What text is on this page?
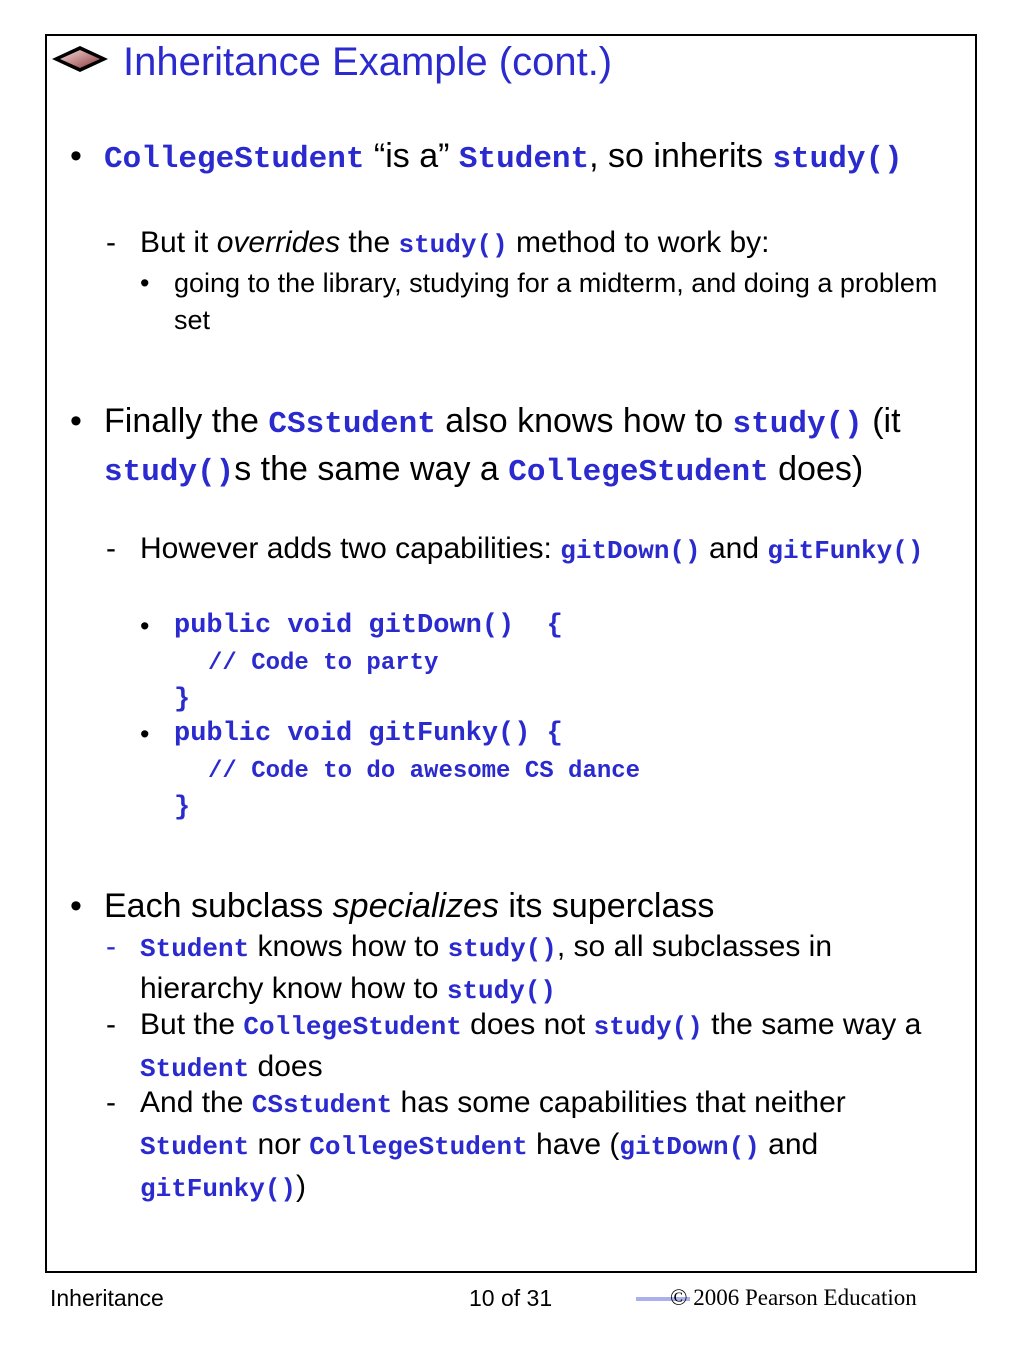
Inheritance Example (cont.)
• CollegeStudent “is a” Student, so inherits study()
- But it overrides the study() method to work by:
• going to the library, studying for a midterm, and doing a problem set
• Finally the CSstudent also knows how to study() (it study()s the same way a CollegeStudent does)
- However adds two capabilities: gitDown() and gitFunky()
• public void gitDown()  {
// Code to party
}
• public void gitFunky() {
// Code to do awesome CS dance
}
• Each subclass specializes its superclass
- Student knows how to study(), so all subclasses in hierarchy know how to study()
- But the CollegeStudent does not study() the same way a Student does
- And the CSstudent has some capabilities that neither Student nor CollegeStudent have (gitDown() and gitFunky())
Inheritance	10 of 31	© 2006 Pearson Education
